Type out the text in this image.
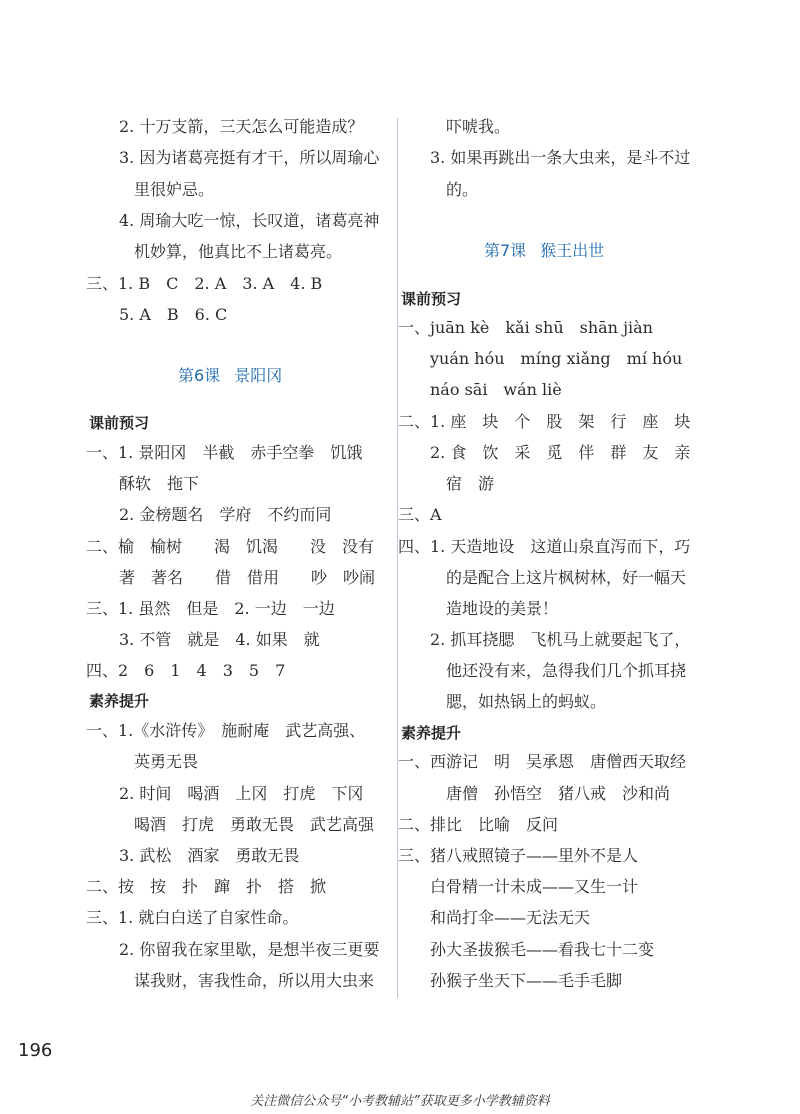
2. 十万支箭，三天怎么可能造成？
3. 因为诸葛亮挺有才干，所以周瑜心
里很妒忌。
4. 周瑜大吃一惊，长叹道，诸葛亮神
机妙算，他真比不上诸葛亮。
三、1. B　C　2. A　3. A　4. B
5. A　B　6. C
第6课 景阳冈
课前预习
一、1. 景阳冈　半截　赤手空拳　饥饿
酥软　拖下
2. 金榜题名　学府　不约而同
二、榆　榆树　　渴　饥渴　　没　没有
著　著名　　借　借用　　吵　吵闹
三、1. 虽然　但是　2. 一边　一边
3. 不管　就是　4. 如果　就
四、2　6　1　4　3　5　7
素养提升
一、1.《水浒传》　施耐庵　武艺高强、
英勇无畏
2. 时间　喝酒　上冈　打虎　下冈
喝酒　打虎　勇敢无畏　武艺高强
3. 武松　酒家　勇敢无畏
二、按　按　扑　蹿　扑　搭　掀
三、1. 就白白送了自家性命。
2. 你留我在家里歇，是想半夜三更要
谋我财，害我性命，所以用大虫来
吓唬我。
3. 如果再跳出一条大虫来，是斗不过
的。
第7课 猴王出世
课前预习
一、juān kè　kǎi shū　shān jiàn
yuán hóu　míng xiǎng　mí hóu
náo sāi　wán liè
二、1. 座　块　个　股　架　行　座　块
2. 食　饮　采　觅　伴　群　友　亲
宿　游
三、A
四、1. 天造地设　这道山泉直泻而下，巧
的是配合上这片枫树林，好一幅天
造地设的美景！
2. 抓耳挠腮　飞机马上就要起飞了，
他还没有来，急得我们几个抓耳挠
腮，如热锅上的蚂蚁。
素养提升
一、西游记　明　吴承恩　唐僧西天取经
唐僧　孙悟空　猪八戒　沙和尚
二、排比　比喻　反问
三、猪八戒照镜子——里外不是人
白骨精一计未成——又生一计
和尚打伞——无法无天
孙大圣拔猴毛——看我七十二变
孙猴子坐天下——毛手毛脚
196
关注微信公众号“小考教辅站”获取更多小学教辅资料
